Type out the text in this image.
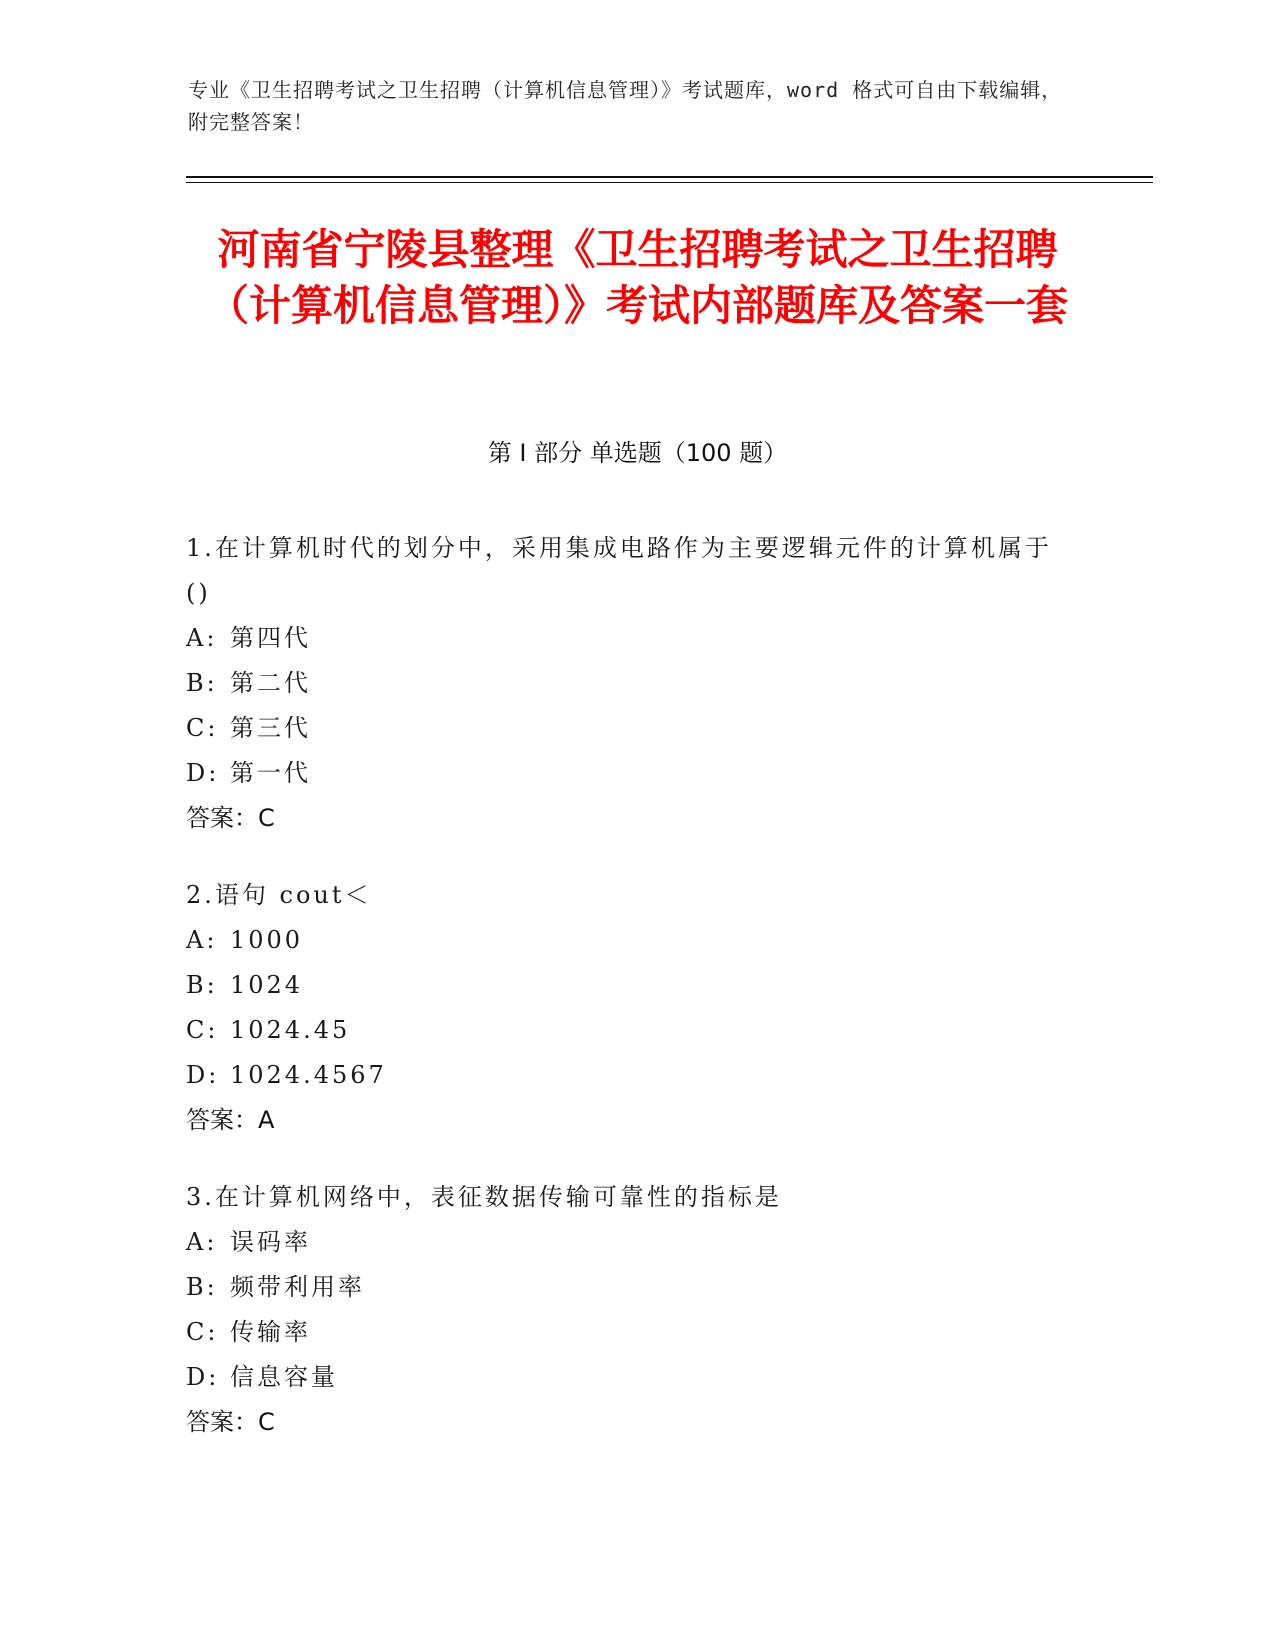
专业《卫生招聘考试之卫生招聘（计算机信息管理）》考试题库，word 格式可自由下载编辑，附完整答案！
河南省宁陵县整理《卫生招聘考试之卫生招聘（计算机信息管理）》考试内部题库及答案一套
第 I 部分 单选题（100 题）
1.在计算机时代的划分中，采用集成电路作为主要逻辑元件的计算机属于()
A: 第四代
B: 第二代
C: 第三代
D: 第一代
答案：C
2.语句 cout＜
A: 1000
B: 1024
C: 1024.45
D: 1024.4567
答案：A
3.在计算机网络中，表征数据传输可靠性的指标是
A: 误码率
B: 频带利用率
C: 传输率
D: 信息容量
答案：C
